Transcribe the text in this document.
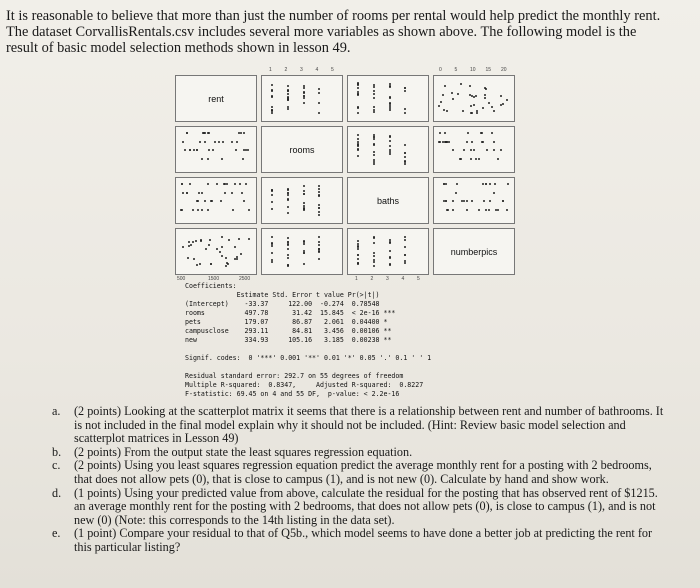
It is reasonable to believe that more than just the number of rooms per rental would help predict the monthly rent.

The dataset CorvallisRentals.csv includes several more variables as shown above. The following model is the

result of basic model selection methods shown in lesson 49.

rent
rooms
baths
numberpics
1	2	3	4	5	0	5	10 15 20
500	1500	2500	1	2	3	4	5

Coefficients:
Estimate Std. Error t value Pr(>|t|)
(Intercept)    -33.37     122.00  -0.274  0.78548
rooms          497.78      31.42  15.845  < 2e-16 ***
pets           179.07      86.87   2.061  0.04400 *
campusclose    293.11      84.81   3.456  0.00106 **
new            334.93     105.16   3.185  0.00238 **

Signif. codes:  0 '***' 0.001 '**' 0.01 '*' 0.05 '.' 0.1 ' ' 1

Residual standard error: 292.7 on 55 degrees of freedom
Multiple R-squared:  0.8347,     Adjusted R-squared:  0.8227
F-statistic: 69.45 on 4 and 55 DF,  p-value: < 2.2e-16

a.	(2 points) Looking at the scatterplot matrix it seems that there is a relationship between rent and number of bathrooms. It is not included in the final model explain why it should not be included. (Hint: Review basic model selection and scatterplot matrices in Lesson 49)
b.	(2 points) From the output state the least squares regression equation.
c.	(2 points) Using you least squares regression equation predict the average monthly rent for a posting with 2 bedrooms, that does not allow pets (0), that is close to campus (1), and is not new (0). Calculate by hand and show work.
d.	(1 points) Using your predicted value from above, calculate the residual for the posting that has observed rent of $1215. an average monthly rent for the posting with 2 bedrooms, that does not allow pets (0), is close to campus (1), and is not new (0) (Note: this corresponds to the 14th listing in the data set).
e.	(1 point) Compare your residual to that of Q5b., which model seems to have done a better job at predicting the rent for this particular listing?
